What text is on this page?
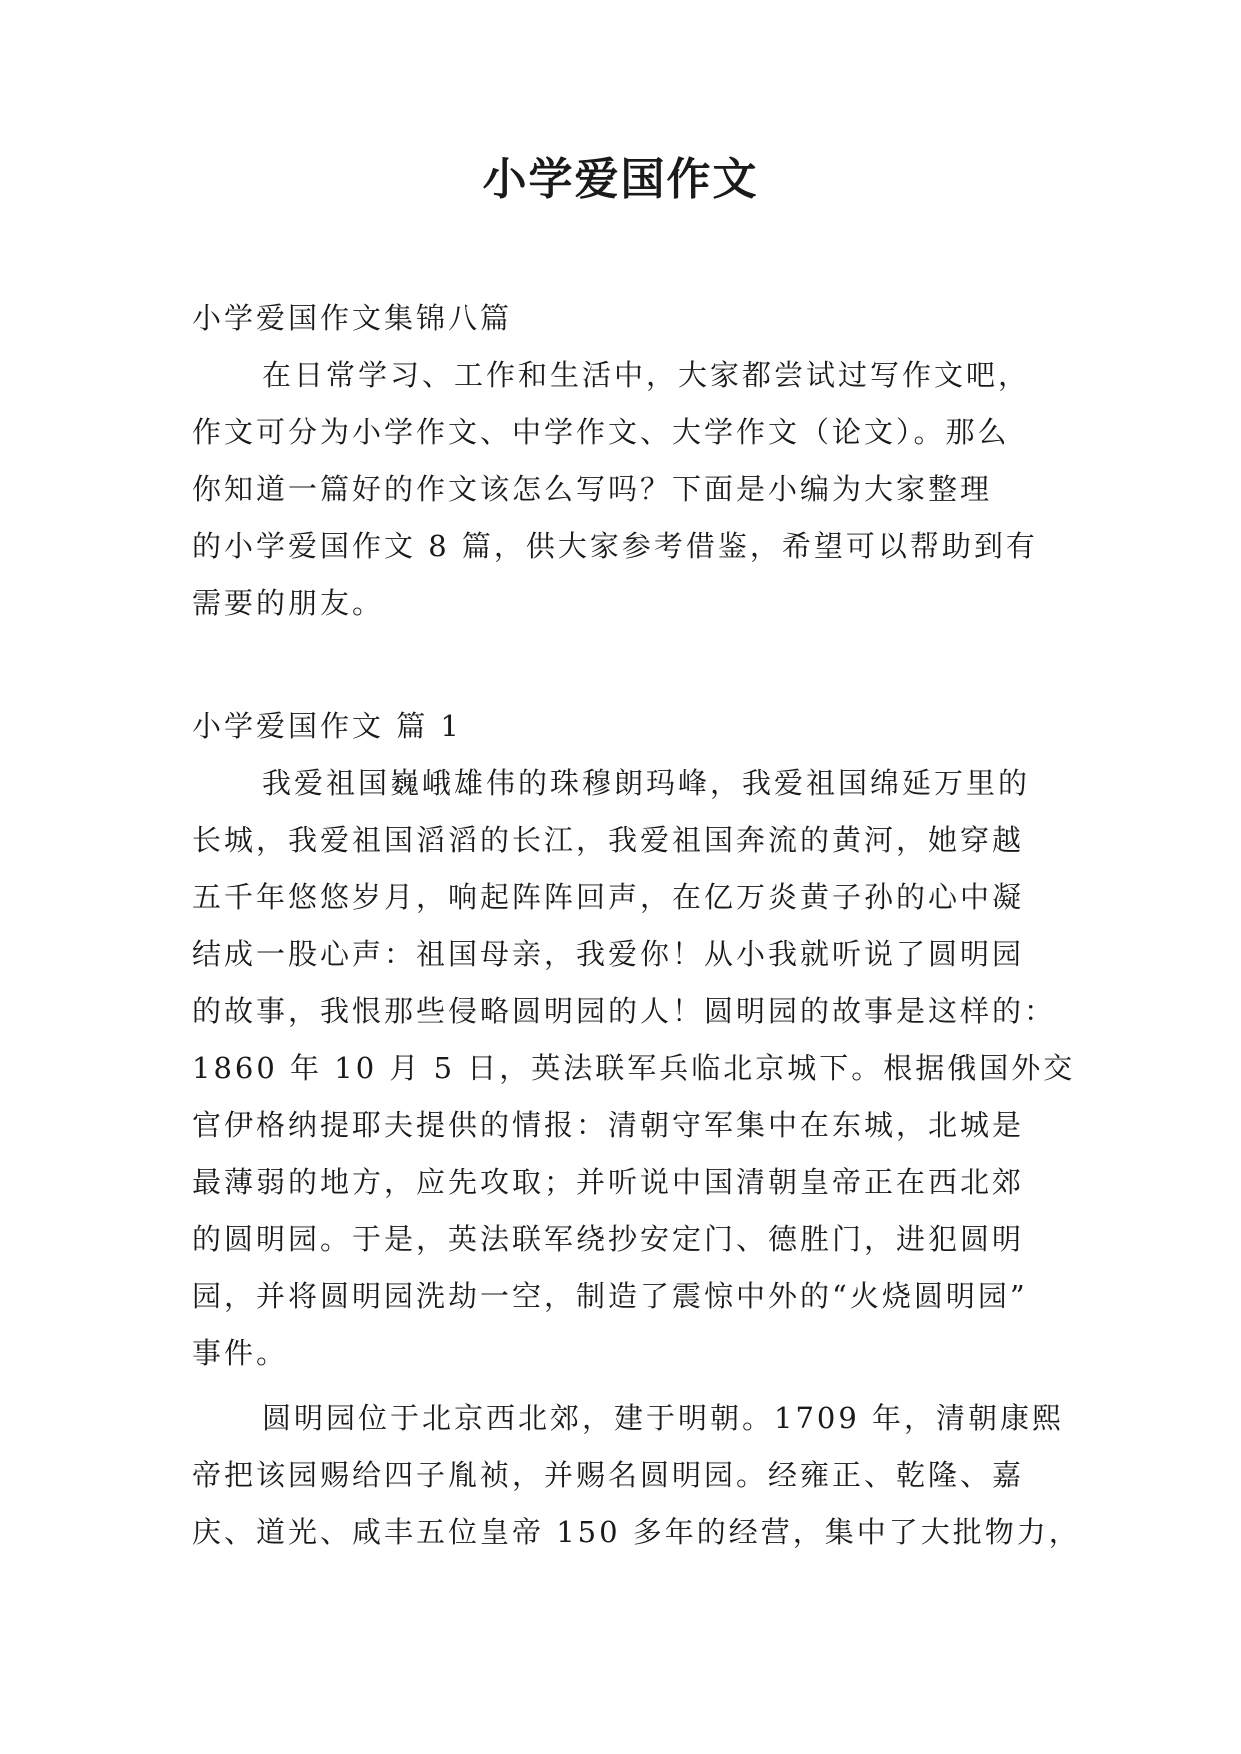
小学爱国作文
小学爱国作文集锦八篇
在日常学习、工作和生活中，大家都尝试过写作文吧，
作文可分为小学作文、中学作文、大学作文（论文）。那么
你知道一篇好的作文该怎么写吗？下面是小编为大家整理
的小学爱国作文 8 篇，供大家参考借鉴，希望可以帮助到有
需要的朋友。
小学爱国作文 篇 1
我爱祖国巍峨雄伟的珠穆朗玛峰，我爱祖国绵延万里的
长城，我爱祖国滔滔的长江，我爱祖国奔流的黄河，她穿越
五千年悠悠岁月，响起阵阵回声，在亿万炎黄子孙的心中凝
结成一股心声：祖国母亲，我爱你！从小我就听说了圆明园
的故事，我恨那些侵略圆明园的人！圆明园的故事是这样的：
1860 年 10 月 5 日，英法联军兵临北京城下。根据俄国外交
官伊格纳提耶夫提供的情报：清朝守军集中在东城，北城是
最薄弱的地方，应先攻取；并听说中国清朝皇帝正在西北郊
的圆明园。于是，英法联军绕抄安定门、德胜门，进犯圆明
园，并将圆明园洗劫一空，制造了震惊中外的“火烧圆明园”
事件。
圆明园位于北京西北郊，建于明朝。1709 年，清朝康熙
帝把该园赐给四子胤祯，并赐名圆明园。经雍正、乾隆、嘉
庆、道光、咸丰五位皇帝 150 多年的经营，集中了大批物力，
